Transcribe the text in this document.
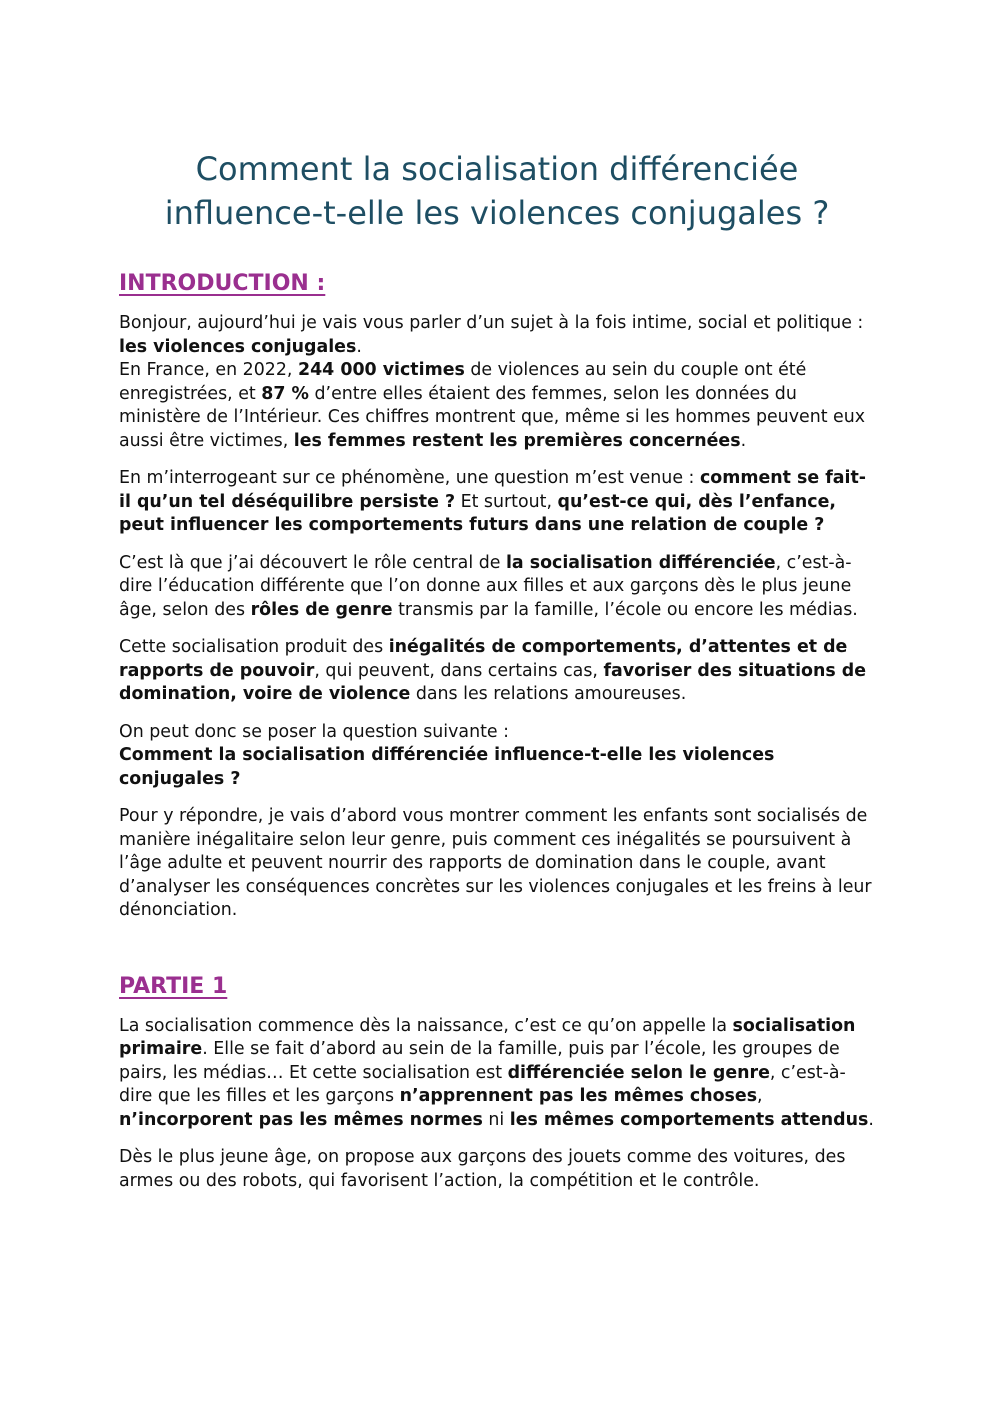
Comment la socialisation différenciée
influence-t-elle les violences conjugales ?
INTRODUCTION :

Bonjour, aujourd’hui je vais vous parler d’un sujet à la fois intime, social et politique : les violences conjugales.
En France, en 2022, 244 000 victimes de violences au sein du couple ont été enregistrées, et 87 % d’entre elles étaient des femmes, selon les données du ministère de l’Intérieur. Ces chiffres montrent que, même si les hommes peuvent eux aussi être victimes, les femmes restent les premières concernées.

En m’interrogeant sur ce phénomène, une question m’est venue : comment se fait-il qu’un tel déséquilibre persiste ? Et surtout, qu’est-ce qui, dès l’enfance, peut influencer les comportements futurs dans une relation de couple ?

C’est là que j’ai découvert le rôle central de la socialisation différenciée, c’est-à-dire l’éducation différente que l’on donne aux filles et aux garçons dès le plus jeune âge, selon des rôles de genre transmis par la famille, l’école ou encore les médias.

Cette socialisation produit des inégalités de comportements, d’attentes et de rapports de pouvoir, qui peuvent, dans certains cas, favoriser des situations de domination, voire de violence dans les relations amoureuses.

On peut donc se poser la question suivante :
Comment la socialisation différenciée influence-t-elle les violences conjugales ?

Pour y répondre, je vais d’abord vous montrer comment les enfants sont socialisés de manière inégalitaire selon leur genre, puis comment ces inégalités se poursuivent à l’âge adulte et peuvent nourrir des rapports de domination dans le couple, avant d’analyser les conséquences concrètes sur les violences conjugales et les freins à leur dénonciation.

PARTIE 1

La socialisation commence dès la naissance, c’est ce qu’on appelle la socialisation primaire. Elle se fait d’abord au sein de la famille, puis par l’école, les groupes de pairs, les médias… Et cette socialisation est différenciée selon le genre, c’est-à-dire que les filles et les garçons n’apprennent pas les mêmes choses, n’incorporent pas les mêmes normes ni les mêmes comportements attendus.

Dès le plus jeune âge, on propose aux garçons des jouets comme des voitures, des armes ou des robots, qui favorisent l’action, la compétition et le contrôle.
